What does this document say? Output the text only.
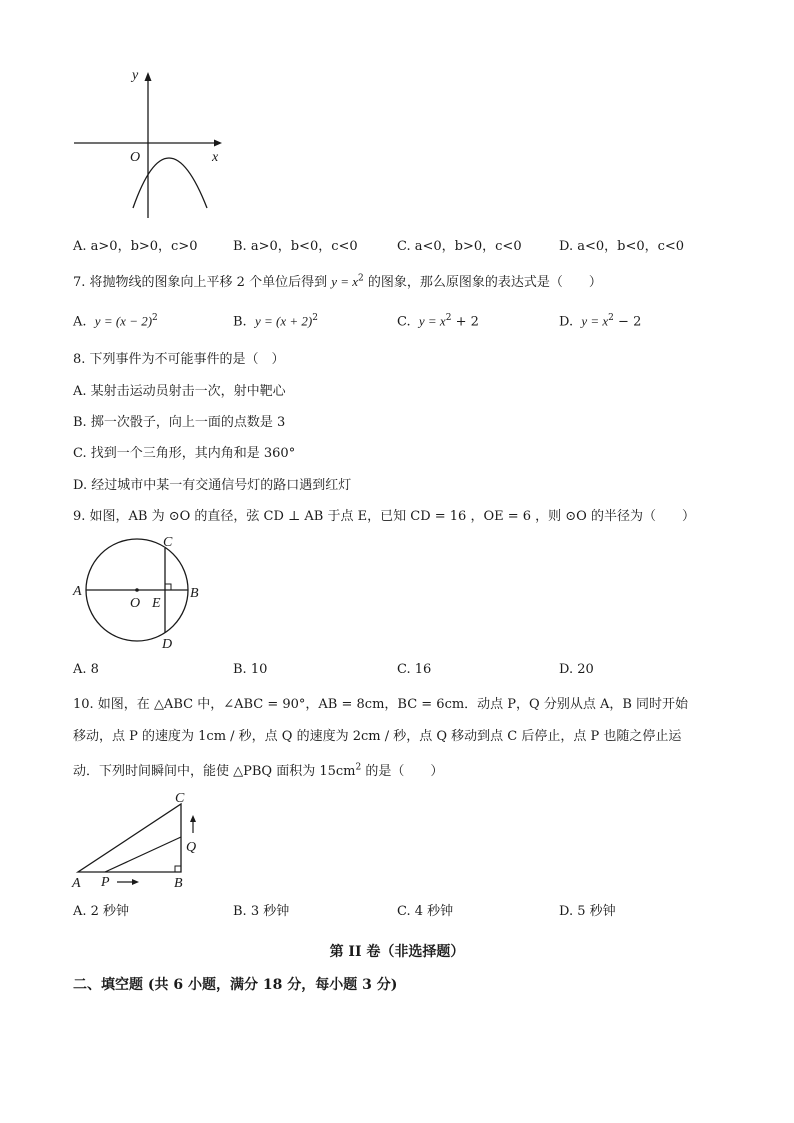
y
O	x
A. a>0，b>0，c>0	B. a>0，b<0，c<0	C. a<0，b>0，c<0	D. a<0，b<0，c<0
7. 将抛物线的图象向上平移 2 个单位后得到 $y = x^2$ 的图象，那么原图象的表达式是（　　）
A. $y = (x - 2)^2$	B. $y = (x + 2)^2$	C. $y = x^2 + 2$	D. $y = x^2 - 2$
8. 下列事件为不可能事件的是（　）
A. 某射击运动员射击一次，射中靶心
B. 掷一次骰子，向上一面的点数是 3
C. 找到一个三角形，其内角和是 360°
D. 经过城市中某一有交通信号灯的路口遇到红灯
9. 如图，AB 为 ⊙O 的直径，弦 CD ⊥ AB 于点 E，已知 CD = 16 ，OE = 6 ，则 ⊙O 的半径为（　　）
A	B
C
D
O E
A. 8	B. 10	C. 16	D. 20
10. 如图，在 △ABC 中，∠ABC = 90°，AB = 8cm，BC = 6cm．动点 P，Q 分别从点 A，B 同时开始
移动，点 P 的速度为 1cm / 秒，点 Q 的速度为 2cm / 秒，点 Q 移动到点 C 后停止，点 P 也随之停止运
动．下列时间瞬间中，能使 △PBQ 面积为 $15cm^2$ 的是（　　）
A	B
C
P
Q
A. 2 秒钟	B. 3 秒钟	C. 4 秒钟	D. 5 秒钟
第 II 卷（非选择题）
二、填空题 (共 6 小题，满分 18 分，每小题 3 分)
